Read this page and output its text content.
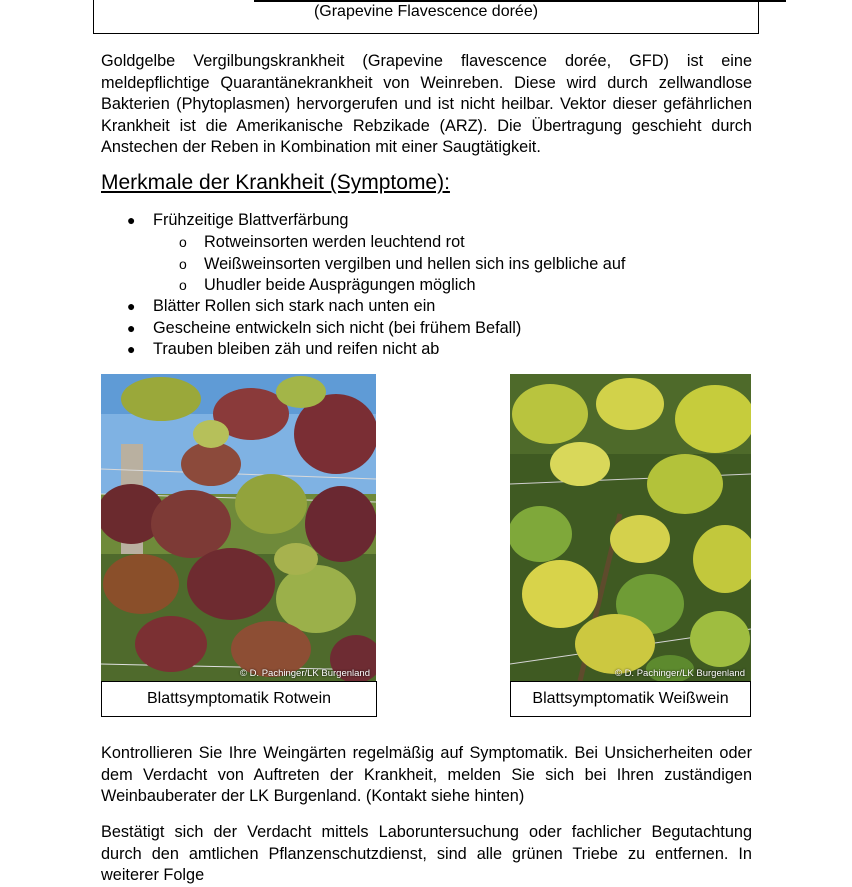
(Grapevine Flavescence dorée)

Goldgelbe Vergilbungskrankheit (Grapevine flavescence dorée, GFD) ist eine meldepflichtige Quarantänekrankheit von Weinreben. Diese wird durch zellwandlose Bakterien (Phytoplasmen) hervorgerufen und ist nicht heilbar. Vektor dieser gefährlichen Krankheit ist die Amerikanische Rebzikade (ARZ). Die Übertragung geschieht durch Anstechen der Reben in Kombination mit einer Saugtätigkeit.

Merkmale der Krankheit (Symptome):
● Frühzeitige Blattverfärbung
o Rotweinsorten werden leuchtend rot
o Weißweinsorten vergilben und hellen sich ins gelbliche auf
o Uhudler beide Ausprägungen möglich
● Blätter Rollen sich stark nach unten ein
● Gescheine entwickeln sich nicht (bei frühem Befall)
● Trauben bleiben zäh und reifen nicht ab
© D. Pachinger/LK Burgenland
Blattsymptomatik Rotwein
© D. Pachinger/LK Burgenland
Blattsymptomatik Weißwein

Kontrollieren Sie Ihre Weingärten regelmäßig auf Symptomatik. Bei Unsicherheiten oder dem Verdacht von Auftreten der Krankheit, melden Sie sich bei Ihren zuständigen Weinbauberater der LK Burgenland. (Kontakt siehe hinten)

Bestätigt sich der Verdacht mittels Laboruntersuchung oder fachlicher Begutachtung durch den amtlichen Pflanzenschutzdienst, sind alle grünen Triebe zu entfernen. In weiterer Folge
